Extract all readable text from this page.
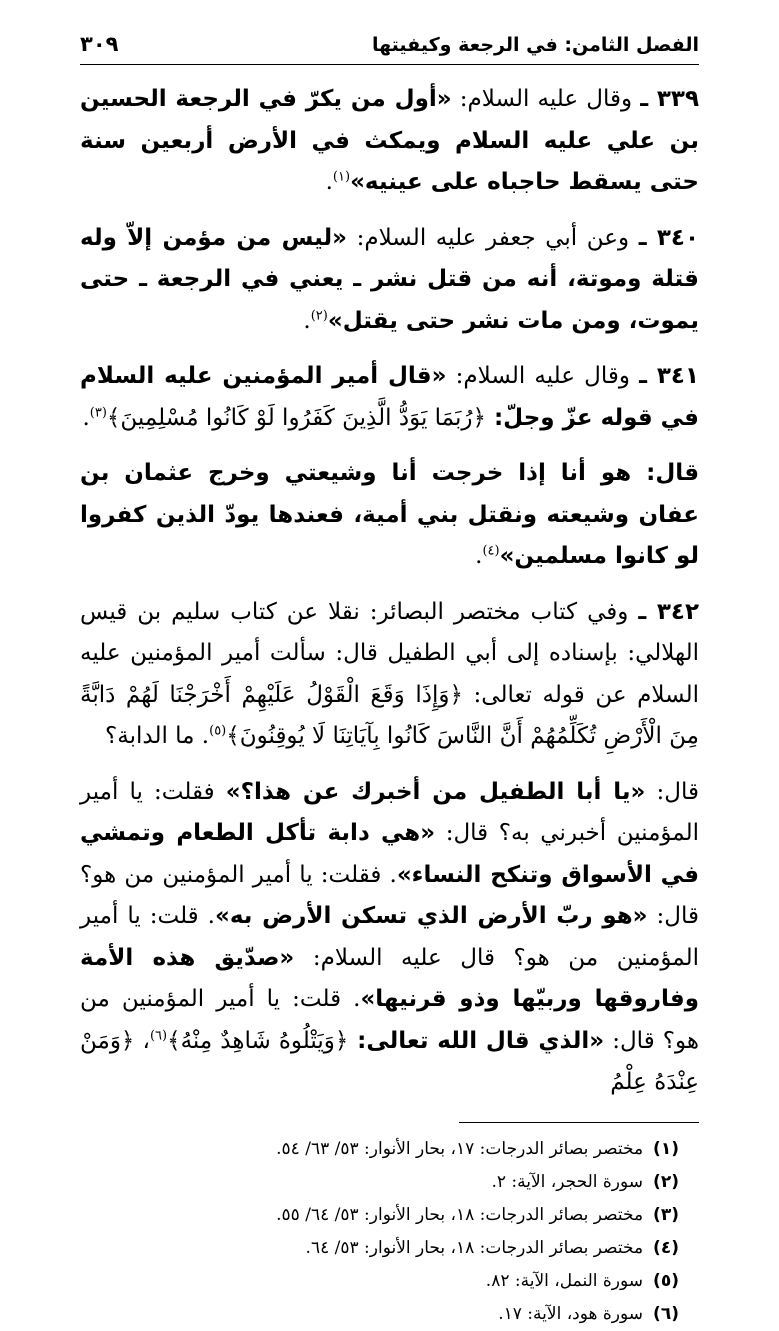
الفصل الثامن: في الرجعة وكيفيتها
٣٠٩

٣٣٩ ـ وقال عليه السلام: «أول من يكرّ في الرجعة الحسين بن علي عليه السلام ويمكث في الأرض أربعين سنة حتى يسقط حاجباه على عينيه»$^{(١)}$.

٣٤٠ ـ وعن أبي جعفر عليه السلام: «ليس من مؤمن إلاّ وله قتلة وموتة، أنه من قتل نشر ـ يعني في الرجعة ـ حتى يموت، ومن مات نشر حتى يقتل»$^{(٢)}$.

٣٤١ ـ وقال عليه السلام: «قال أمير المؤمنين عليه السلام في قوله عزّ وجلّ: ﴿رُبَمَا يَوَدُّ الَّذِينَ كَفَرُوا لَوْ كَانُوا مُسْلِمِينَ﴾$^{(٣)}$.

قال: هو أنا إذا خرجت أنا وشيعتي وخرج عثمان بن عفان وشيعته ونقتل بني أمية، فعندها يودّ الذين كفروا لو كانوا مسلمين»$^{(٤)}$.

٣٤٢ ـ وفي كتاب مختصر البصائر: نقلا عن كتاب سليم بن قيس الهلالي: بإسناده إلى أبي الطفيل قال: سألت أمير المؤمنين عليه السلام عن قوله تعالى: ﴿وَإِذَا وَقَعَ الْقَوْلُ عَلَيْهِمْ أَخْرَجْنَا لَهُمْ دَابَّةً مِنَ الْأَرْضِ تُكَلِّمُهُمْ أَنَّ النَّاسَ كَانُوا بِآيَاتِنَا لَا يُوقِنُونَ﴾$^{(٥)}$. ما الدابة؟

قال: «يا أبا الطفيل من أخبرك عن هذا؟» فقلت: يا أمير المؤمنين أخبرني به؟ قال: «هي دابة تأكل الطعام وتمشي في الأسواق وتنكح النساء». فقلت: يا أمير المؤمنين من هو؟ قال: «هو ربّ الأرض الذي تسكن الأرض به». قلت: يا أمير المؤمنين من هو؟ قال عليه السلام: «صدّيق هذه الأمة وفاروقها وربيّها وذو قرنيها». قلت: يا أمير المؤمنين من هو؟ قال: «الذي قال الله تعالى: ﴿وَيَتْلُوهُ شَاهِدٌ مِنْهُ﴾$^{(٦)}$، ﴿وَمَنْ عِنْدَهُ عِلْمُ

(١)مختصر بصائر الدرجات: ١٧، بحار الأنوار: ٥٣/ ٦٣/ ٥٤.
(٢)سورة الحجر، الآية: ٢.
(٣)مختصر بصائر الدرجات: ١٨، بحار الأنوار: ٥٣/ ٦٤/ ٥٥.
(٤)مختصر بصائر الدرجات: ١٨، بحار الأنوار: ٥٣/ ٦٤.
(٥)سورة النمل، الآية: ٨٢.
(٦)سورة هود، الآية: ١٧.
